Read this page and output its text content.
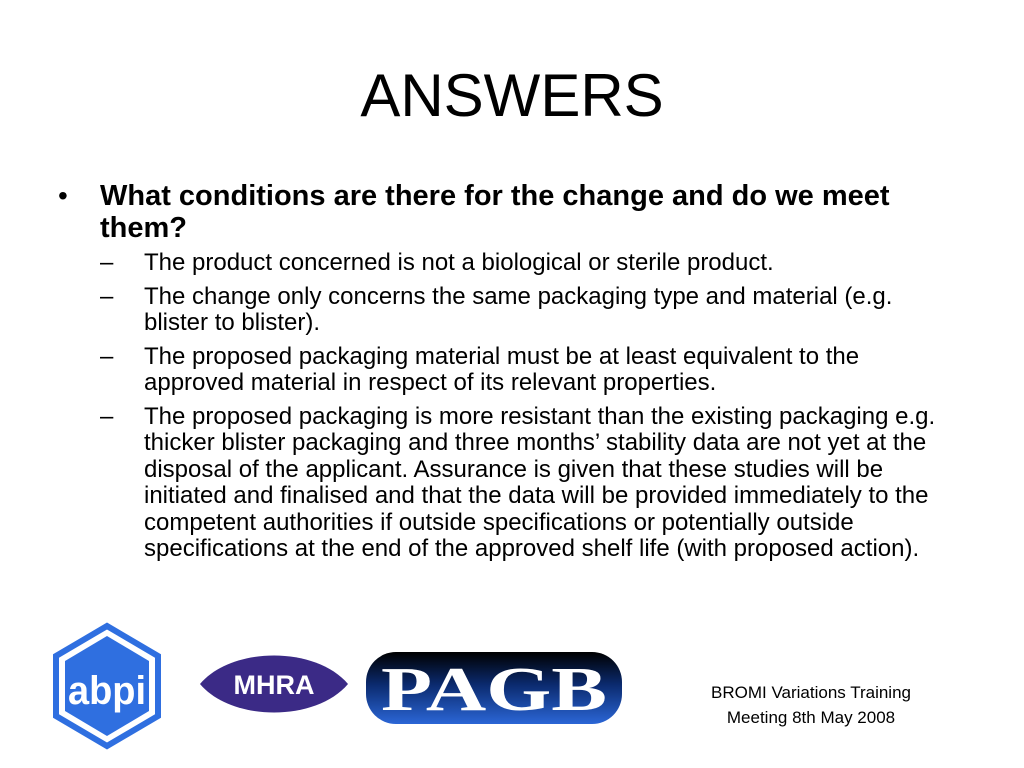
ANSWERS
• What conditions are there for the change and do we meet them?
– The product concerned is not a biological or sterile product.
– The change only concerns the same packaging type and material (e.g. blister to blister).
– The proposed packaging material must be at least equivalent to the approved material in respect of its relevant properties.
– The proposed packaging is more resistant than the existing packaging e.g. thicker blister packaging and three months’ stability data are not yet at the disposal of the applicant. Assurance is given that these studies will be initiated and finalised and that the data will be provided immediately to the competent authorities if outside specifications or potentially outside specifications at the end of the approved shelf life (with proposed action).
abpi	MHRA PAGB	BROMI Variations Training
Meeting 8th May 2008
